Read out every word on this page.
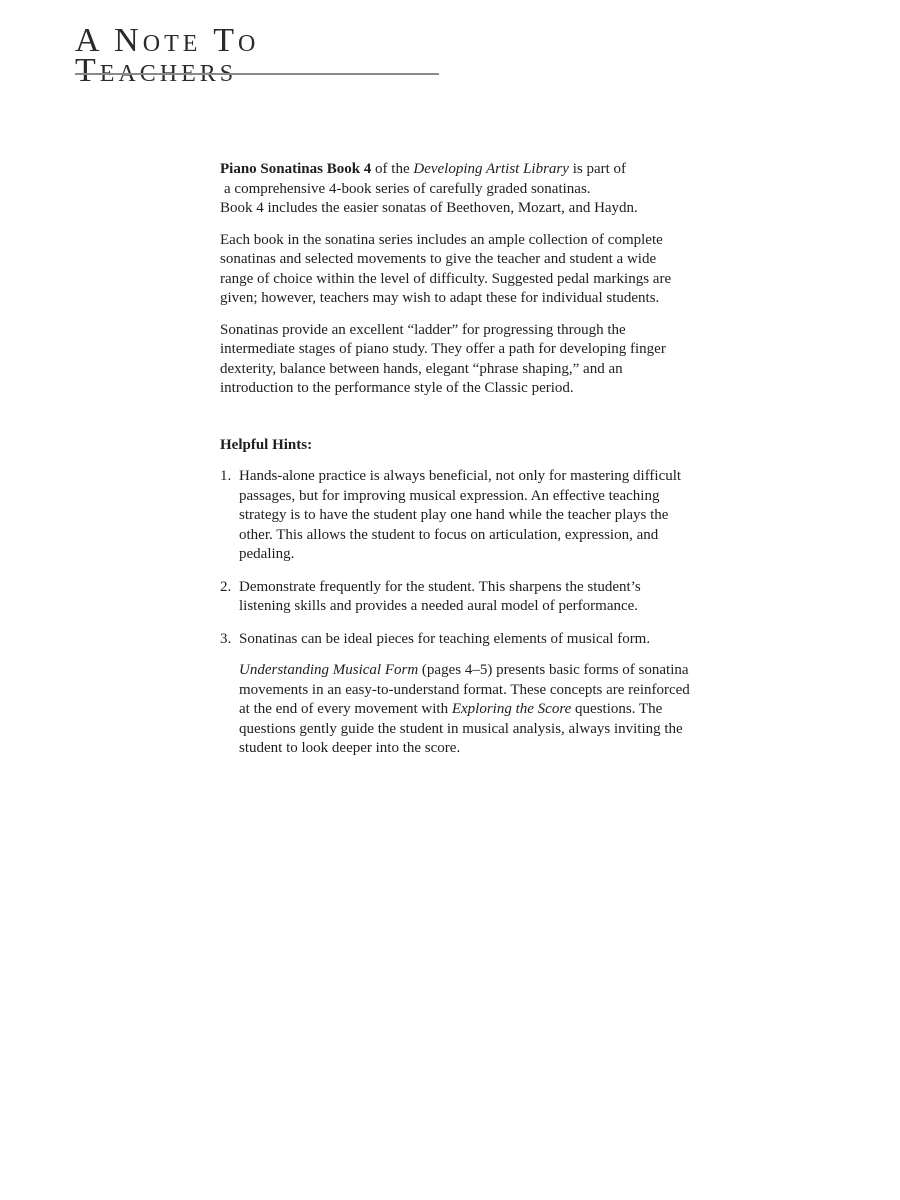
A Note To
Teachers

Piano Sonatinas Book 4 of the Developing Artist Library is part of
a comprehensive 4-book series of carefully graded sonatinas.
Book 4 includes the easier sonatas of Beethoven, Mozart, and Haydn.

Each book in the sonatina series includes an ample collection of complete sonatinas and selected movements to give the teacher and student a wide range of choice within the level of difficulty. Suggested pedal markings are given; however, teachers may wish to adapt these for individual students.

Sonatinas provide an excellent “ladder” for progressing through the intermediate stages of piano study. They offer a path for developing finger dexterity, balance between hands, elegant “phrase shaping,” and an introduction to the performance style of the Classic period.

Helpful Hints:

1. Hands-alone practice is always beneficial, not only for mastering difficult passages, but for improving musical expression. An effective teaching strategy is to have the student play one hand while the teacher plays the other. This allows the student to focus on articulation, expression, and pedaling.
2. Demonstrate frequently for the student. This sharpens the student’s listening skills and provides a needed aural model of performance.
3. Sonatinas can be ideal pieces for teaching elements of musical form.

Understanding Musical Form (pages 4–5) presents basic forms of sonatina movements in an easy-to-understand format. These concepts are reinforced at the end of every movement with Exploring the Score questions. The questions gently guide the student in musical analysis, always inviting the student to look deeper into the score.
